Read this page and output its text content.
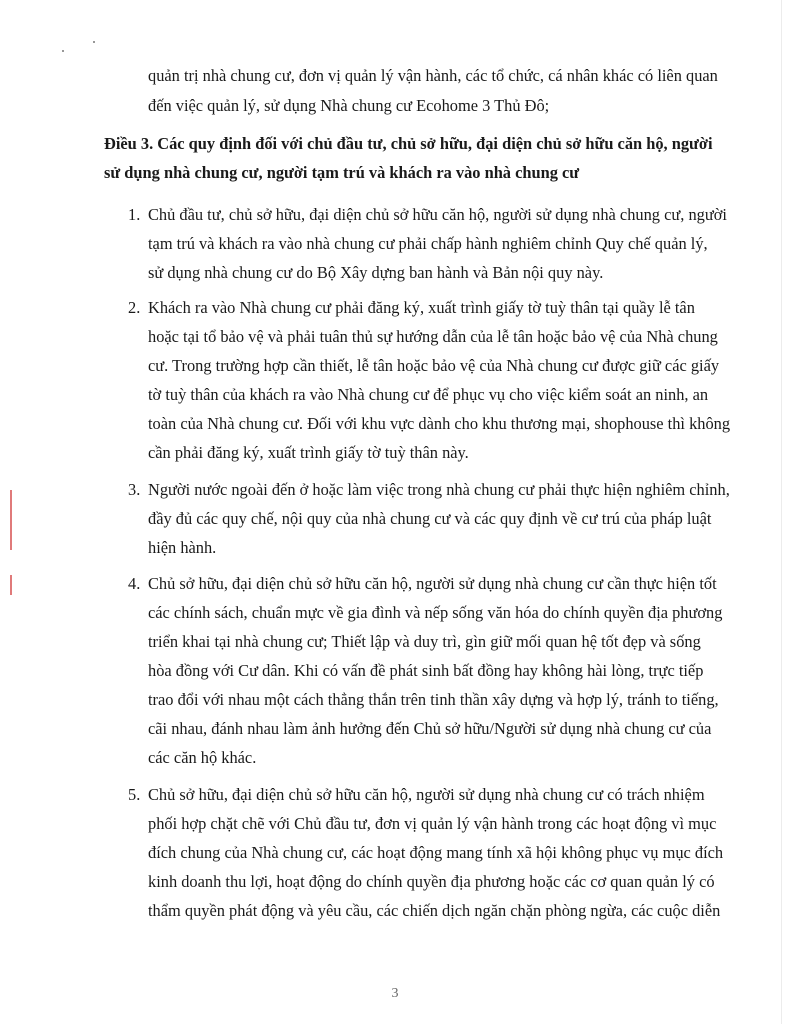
quản trị nhà chung cư, đơn vị quản lý vận hành, các tổ chức, cá nhân khác có liên quan
đến việc quản lý, sử dụng Nhà chung cư Ecohome 3 Thủ Đô;
Điều 3. Các quy định đối với chủ đầu tư, chủ sở hữu, đại diện chủ sở hữu căn hộ, người
sử dụng nhà chung cư, người tạm trú và khách ra vào nhà chung cư
1. Chủ đầu tư, chủ sở hữu, đại diện chủ sở hữu căn hộ, người sử dụng nhà chung cư, người
tạm trú và khách ra vào nhà chung cư phải chấp hành nghiêm chỉnh Quy chế quản lý,
sử dụng nhà chung cư do Bộ Xây dựng ban hành và Bản nội quy này.
2. Khách ra vào Nhà chung cư phải đăng ký, xuất trình giấy tờ tuỳ thân tại quầy lễ tân
hoặc tại tổ bảo vệ và phải tuân thủ sự hướng dẫn của lễ tân hoặc bảo vệ của Nhà chung
cư. Trong trường hợp cần thiết, lễ tân hoặc bảo vệ của Nhà chung cư được giữ các giấy
tờ tuỳ thân của khách ra vào Nhà chung cư để phục vụ cho việc kiểm soát an ninh, an
toàn của Nhà chung cư. Đối với khu vực dành cho khu thương mại, shophouse thì không
cần phải đăng ký, xuất trình giấy tờ tuỳ thân này.
3. Người nước ngoài đến ở hoặc làm việc trong nhà chung cư phải thực hiện nghiêm chỉnh,
đầy đủ các quy chế, nội quy của nhà chung cư và các quy định về cư trú của pháp luật
hiện hành.
4. Chủ sở hữu, đại diện chủ sở hữu căn hộ, người sử dụng nhà chung cư cần thực hiện tốt
các chính sách, chuẩn mực về gia đình và nếp sống văn hóa do chính quyền địa phương
triển khai tại nhà chung cư; Thiết lập và duy trì, gìn giữ mối quan hệ tốt đẹp và sống
hòa đồng với Cư dân. Khi có vấn đề phát sinh bất đồng hay không hài lòng, trực tiếp
trao đổi với nhau một cách thẳng thắn trên tinh thần xây dựng và hợp lý, tránh to tiếng,
cãi nhau, đánh nhau làm ảnh hưởng đến Chủ sở hữu/Người sử dụng nhà chung cư của
các căn hộ khác.
5. Chủ sở hữu, đại diện chủ sở hữu căn hộ, người sử dụng nhà chung cư có trách nhiệm
phối hợp chặt chẽ với Chủ đầu tư, đơn vị quản lý vận hành trong các hoạt động vì mục
đích chung của Nhà chung cư, các hoạt động mang tính xã hội không phục vụ mục đích
kinh doanh thu lợi, hoạt động do chính quyền địa phương hoặc các cơ quan quản lý có
thẩm quyền phát động và yêu cầu, các chiến dịch ngăn chặn phòng ngừa, các cuộc diễn
3
